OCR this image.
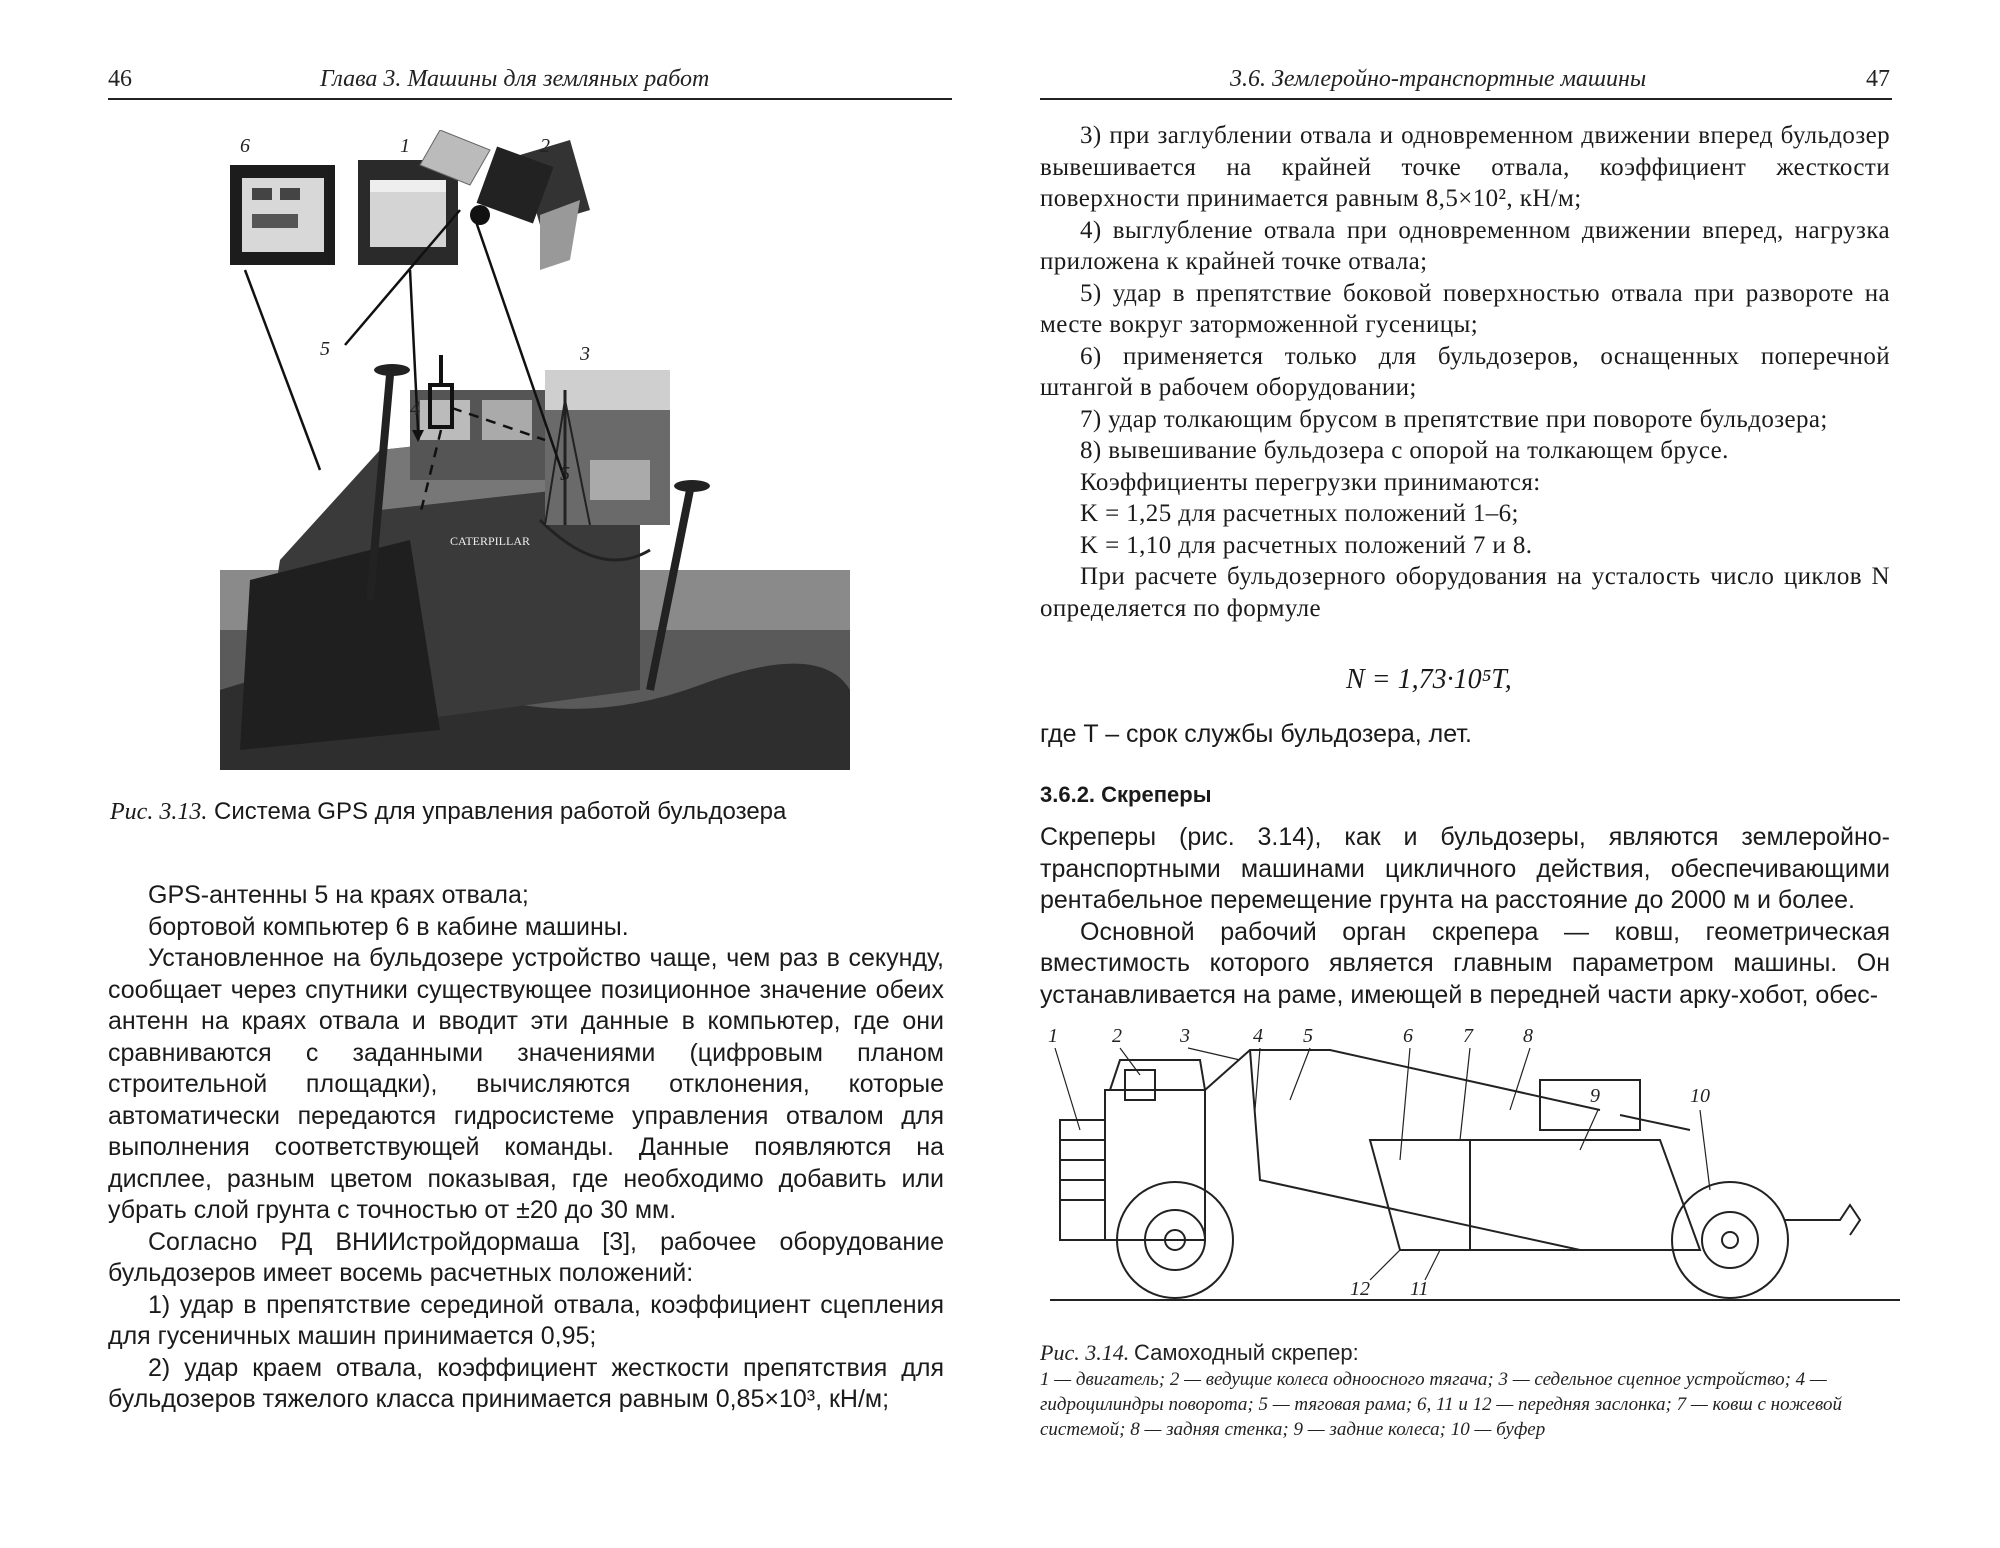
46	Глава 3. Машины для земляных работ
CATERPILLAR
6	1	2
3
4
5
5
Рис. 3.13. Система GPS для управления работой бульдозера

GPS-антенны 5 на краях отвала;

бортовой компьютер 6 в кабине машины.

Установленное на бульдозере устройство чаще, чем раз в секунду, сообщает через спутники существующее позиционное значение обеих антенн на краях отвала и вводит эти данные в компьютер, где они сравниваются с заданными значениями (цифровым планом строительной площадки), вычисляются отклонения, которые автоматически передаются гидросистеме управления отвалом для выполнения соответствующей команды. Данные появляются на дисплее, разным цветом показывая, где необходимо добавить или убрать слой грунта с точностью от ±20 до 30 мм.

Согласно РД ВНИИстройдормаша [3], рабочее оборудование бульдозеров имеет восемь расчетных положений:

1) удар в препятствие серединой отвала, коэффициент сцепления для гусеничных машин принимается 0,95;

2) удар краем отвала, коэффициент жесткости препятствия для бульдозеров тяжелого класса принимается равным 0,85×10³, кН/м;

3.6. Землеройно-транспортные машины	47

3) при заглублении отвала и одновременном движении вперед бульдозер вывешивается на крайней точке отвала, коэффициент жесткости поверхности принимается равным 8,5×10², кН/м;

4) выглубление отвала при одновременном движении вперед, нагрузка приложена к крайней точке отвала;

5) удар в препятствие боковой поверхностью отвала при развороте на месте вокруг заторможенной гусеницы;

6) применяется только для бульдозеров, оснащенных поперечной штангой в рабочем оборудовании;

7) удар толкающим брусом в препятствие при повороте бульдозера;

8) вывешивание бульдозера с опорой на толкающем брусе.

Коэффициенты перегрузки принимаются:

K = 1,25 для расчетных положений 1–6;

K = 1,10 для расчетных положений 7 и 8.

При расчете бульдозерного оборудования на усталость число циклов N определяется по формуле

N = 1,73·10⁵T,
где T – срок службы бульдозера, лет.
3.6.2. Скреперы

Скреперы (рис. 3.14), как и бульдозеры, являются землеройно-транспортными машинами цикличного действия, обеспечивающими рентабельное перемещение грунта на расстояние до 2000 м и более.

Основной рабочий орган скрепера — ковш, геометрическая вместимость которого является главным параметром машины. Он устанавливается на раме, имеющей в передней части арку-хобот, обес-

1	2	3	4 5	6	7	8
9	10
12 11

Рис. 3.14. Самоходный скрепер:

1 — двигатель; 2 — ведущие колеса одноосного тягача; 3 — седельное сцепное устройство; 4 — гидроцилиндры поворота; 5 — тяговая рама; 6, 11 и 12 — передняя заслонка; 7 — ковш с ножевой системой; 8 — задняя стенка; 9 — задние колеса; 10 — буфер
